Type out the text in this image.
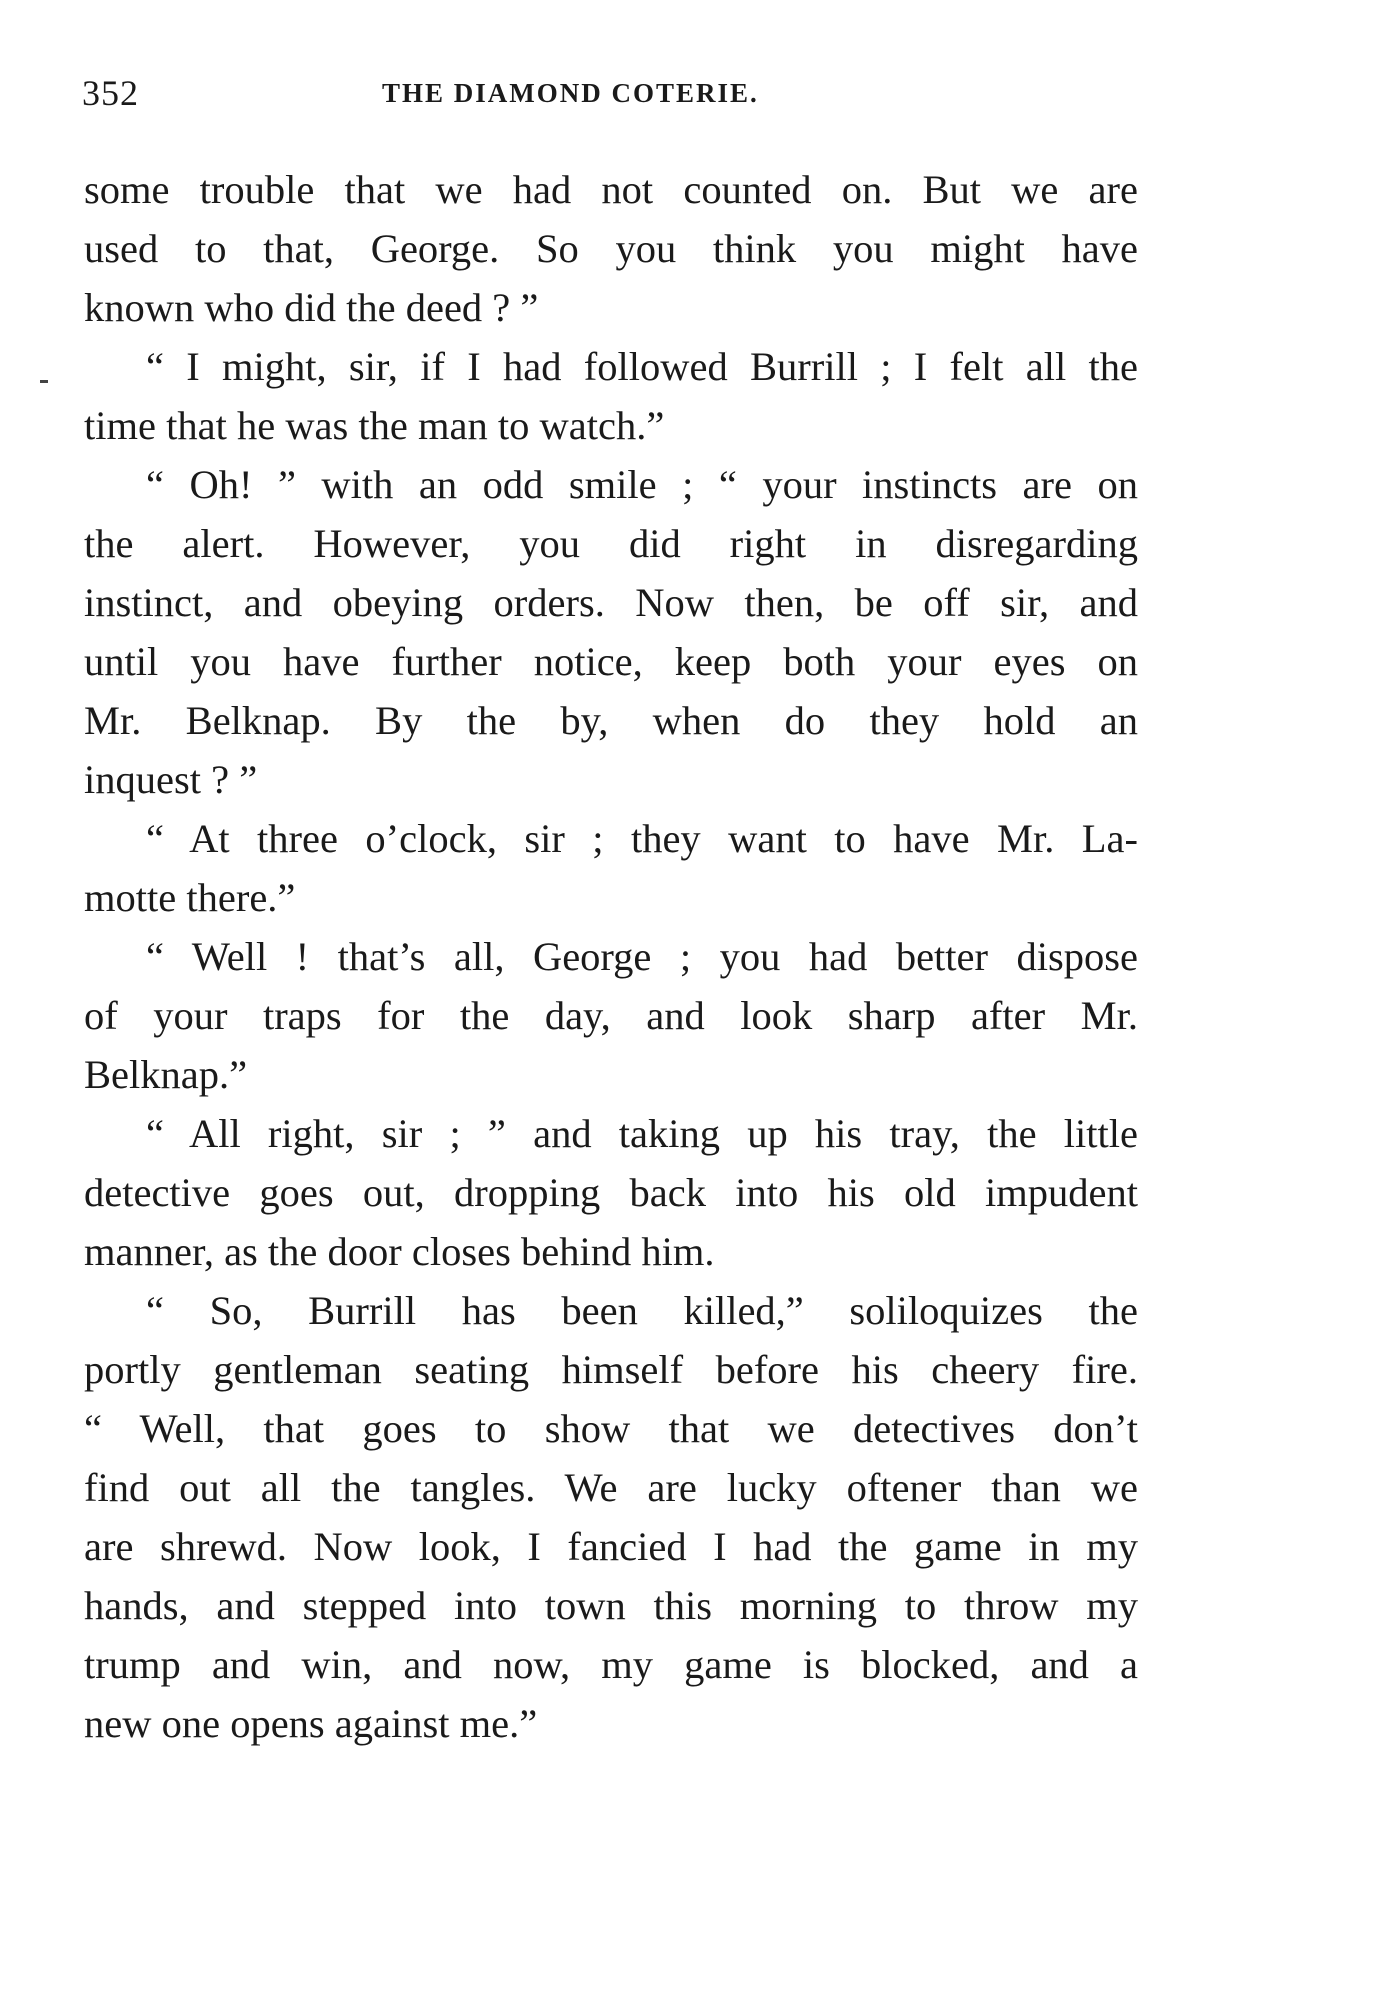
352	THE DIAMOND COTERIE.
some trouble that we had not counted on. But we are
used to that, George. So you think you might have
known who did the deed ? ”
“ I might, sir, if I had followed Burrill ; I felt all the
time that he was the man to watch.”
“ Oh! ” with an odd smile ; “ your instincts are on
the alert. However, you did right in disregarding
instinct, and obeying orders. Now then, be off sir, and
until you have further notice, keep both your eyes on
Mr. Belknap. By the by, when do they hold an
inquest ? ”
“ At three o’clock, sir ; they want to have Mr. La-
motte there.”
“ Well ! that’s all, George ; you had better dispose
of your traps for the day, and look sharp after Mr.
Belknap.”
“ All right, sir ; ” and taking up his tray, the little
detective goes out, dropping back into his old impudent
manner, as the door closes behind him.
“ So, Burrill has been killed,” soliloquizes the
portly gentleman seating himself before his cheery fire.
“ Well, that goes to show that we detectives don’t
find out all the tangles. We are lucky oftener than we
are shrewd. Now look, I fancied I had the game in my
hands, and stepped into town this morning to throw my
trump and win, and now, my game is blocked, and a
new one opens against me.”
